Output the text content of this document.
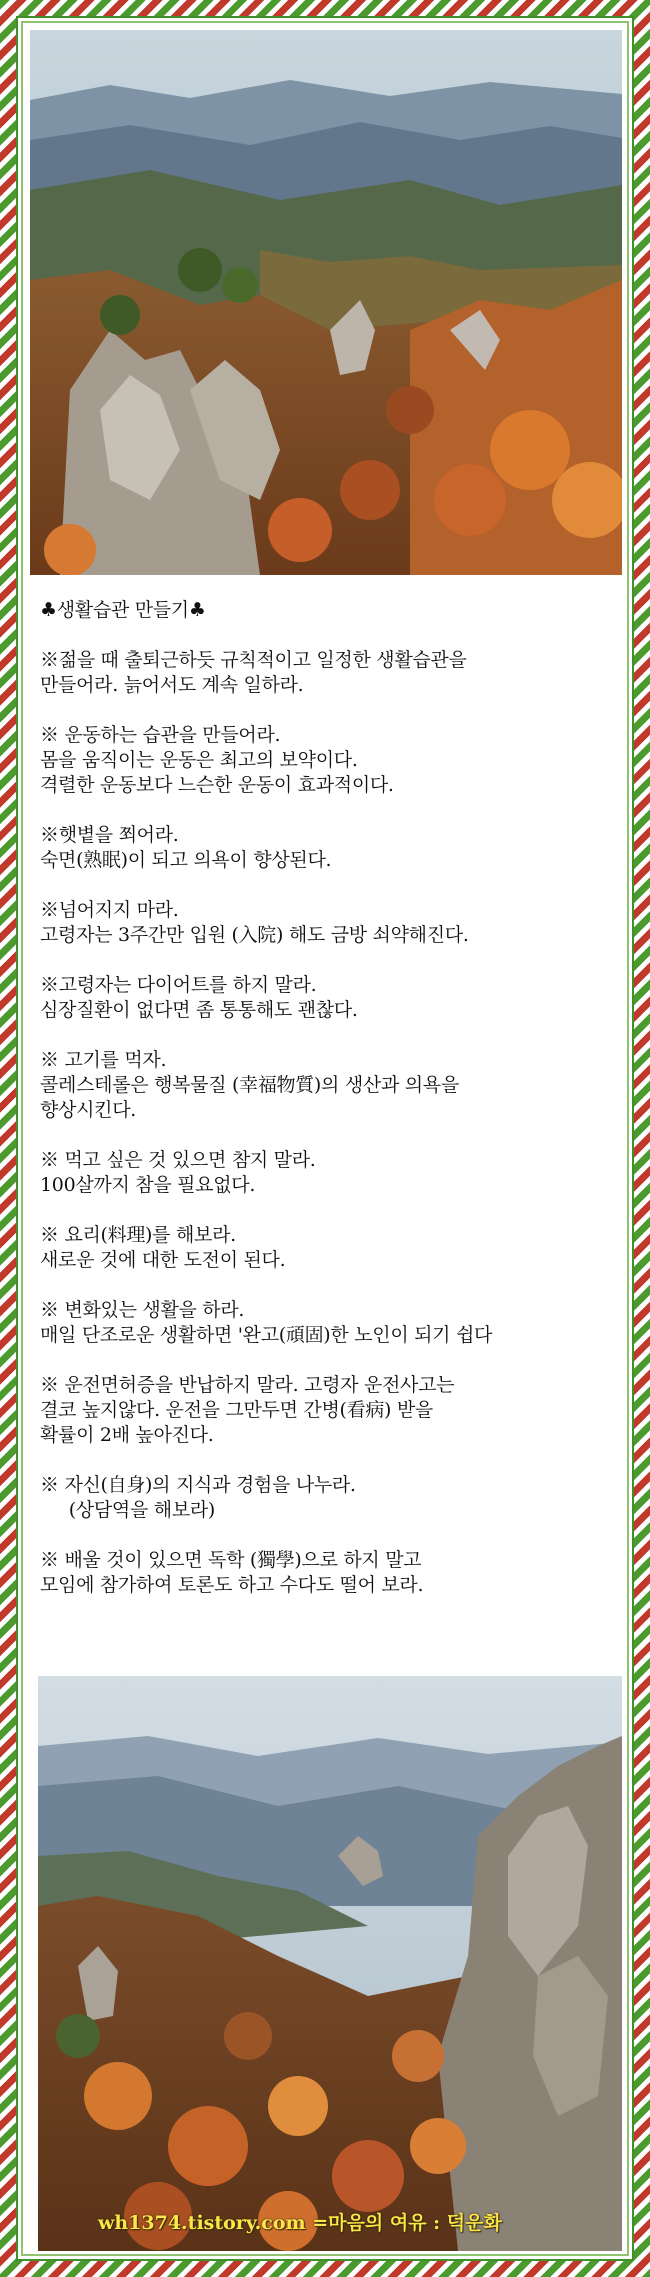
♣생활습관 만들기♣
※젊을 때 출퇴근하듯 규칙적이고 일정한 생활습관을
만들어라. 늙어서도 계속 일하라.
※ 운동하는 습관을 만들어라.
몸을 움직이는 운동은 최고의 보약이다.
격렬한 운동보다 느슨한 운동이 효과적이다.
※햇볕을 쬐어라.
숙면(熟眠)이 되고 의욕이 향상된다.
※넘어지지 마라.
고령자는 3주간만 입원 (入院) 해도 금방 쇠약해진다.
※고령자는 다이어트를 하지 말라.
심장질환이 없다면 좀 통통해도 괜찮다.
※ 고기를 먹자.
콜레스테롤은 행복물질 (幸福物質)의 생산과 의욕을
향상시킨다.
※ 먹고 싶은 것 있으면 참지 말라.
100살까지 참을 필요없다.
※ 요리(料理)를 해보라.
새로운 것에 대한 도전이 된다.
※ 변화있는 생활을 하라.
매일 단조로운 생활하면 '완고(頑固)한 노인이 되기 쉽다
※ 운전면허증을 반납하지 말라. 고령자 운전사고는
결코 높지않다. 운전을 그만두면 간병(看病) 받을
확률이 2배 높아진다.
※ 자신(自身)의 지식과 경험을 나누라.
(상담역을 해보라)
※ 배울 것이 있으면 독학 (獨學)으로 하지 말고
모임에 참가하여 토론도 하고 수다도 떨어 보라.
wh1374.tistory.com =마음의 여유 : 덕운화
